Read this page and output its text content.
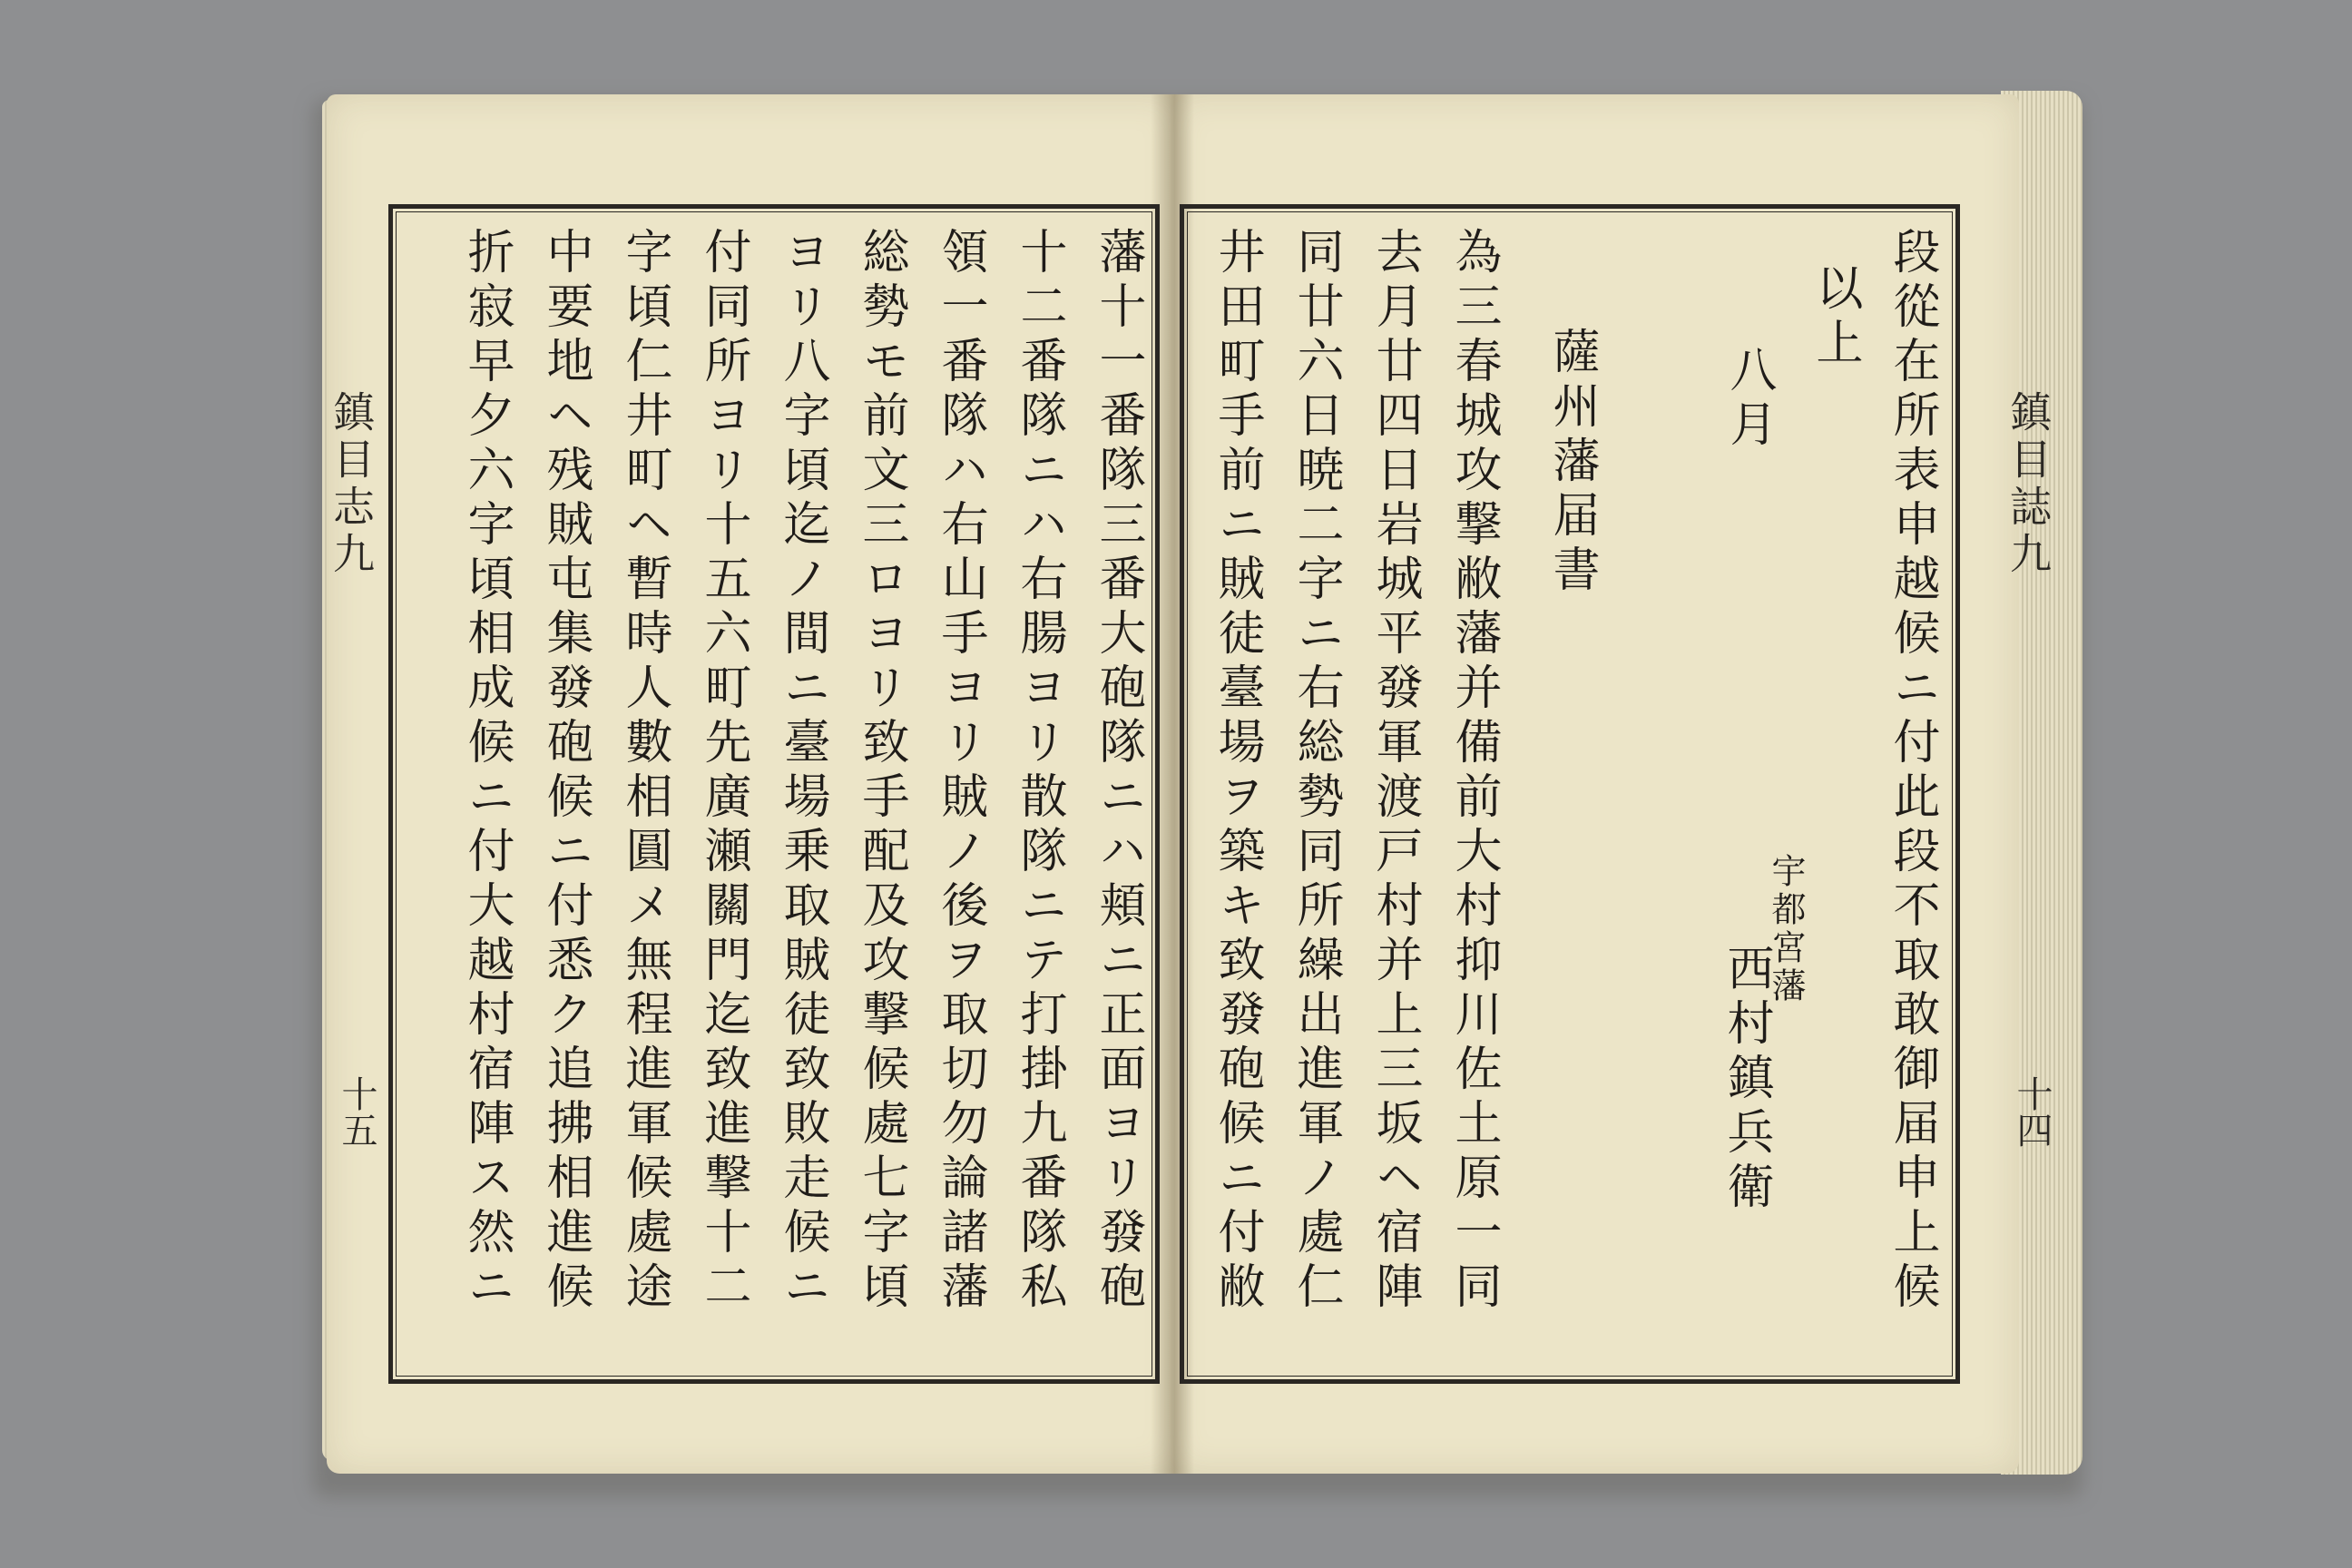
鎮目志九
十五
鎮目誌九
十四
藩十一番隊三番大砲隊ニハ頬ニ正面ヨリ發砲
十二番隊ニハ右腸ヨリ散隊ニテ打掛九番隊私
領一番隊ハ右山手ヨリ賊ノ後ヲ取切勿論諸藩
総勢モ前文三ロヨリ致手配及攻撃候處七字頃
ヨリ八字頃迄ノ間ニ臺場乗取賊徒致敗走候ニ
付同所ヨリ十五六町先廣瀬關門迄致進撃十二
字頃仁井町ヘ暫時人數相圓メ無程進軍候處途
中要地ヘ残賊屯集發砲候ニ付悉ク追拂相進候
折寂早夕六字頃相成候ニ付大越村宿陣ス然ニ	段從在所表申越候ニ付此段不取敢御届申上候
以上
八月
宇都宮藩
西村鎮兵衛
薩州藩届書
為三春城攻撃敝藩并備前大村抑川佐土原一同
去月廿四日岩城平發軍渡戸村并上三坂ヘ宿陣
同廿六日暁二字ニ右総勢同所繰出進軍ノ處仁
井田町手前ニ賊徒臺場ヲ築キ致發砲候ニ付敝
